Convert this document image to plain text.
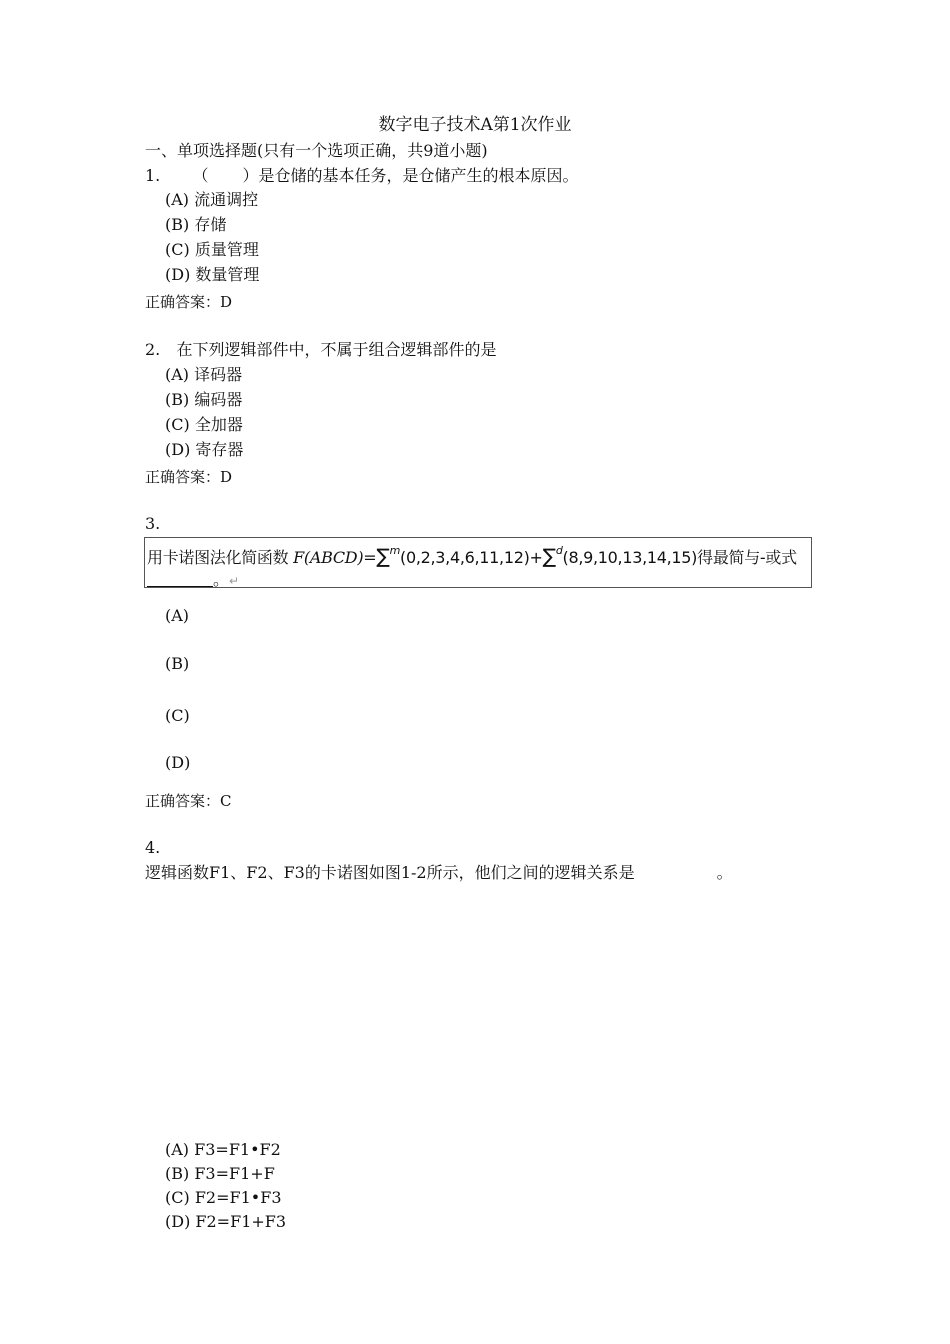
数字电子技术A第1次作业
一、单项选择题(只有一个选项正确，共9道小题)
1. （ ）是仓储的基本任务，是仓储产生的根本原因。
(A) 流通调控
(B) 存储
(C) 质量管理
(D) 数量管理
正确答案：D
2. 在下列逻辑部件中，不属于组合逻辑部件的是
(A) 译码器
(B) 编码器
(C) 全加器
(D) 寄存器
正确答案：D
3.
用卡诺图法化简函数 F(ABCD)=∑$^m$(0,2,3,4,6,11,12)+∑$^d$(8,9,10,13,14,15)得最简与-或式
。↵
(A)
(B)
(C)
(D)
正确答案：C
4.
逻辑函数F1、F2、F3的卡诺图如图1-2所示，他们之间的逻辑关系是	。
(A) F3=F1•F2
(B) F3=F1+F
(C) F2=F1•F3
(D) F2=F1+F3
